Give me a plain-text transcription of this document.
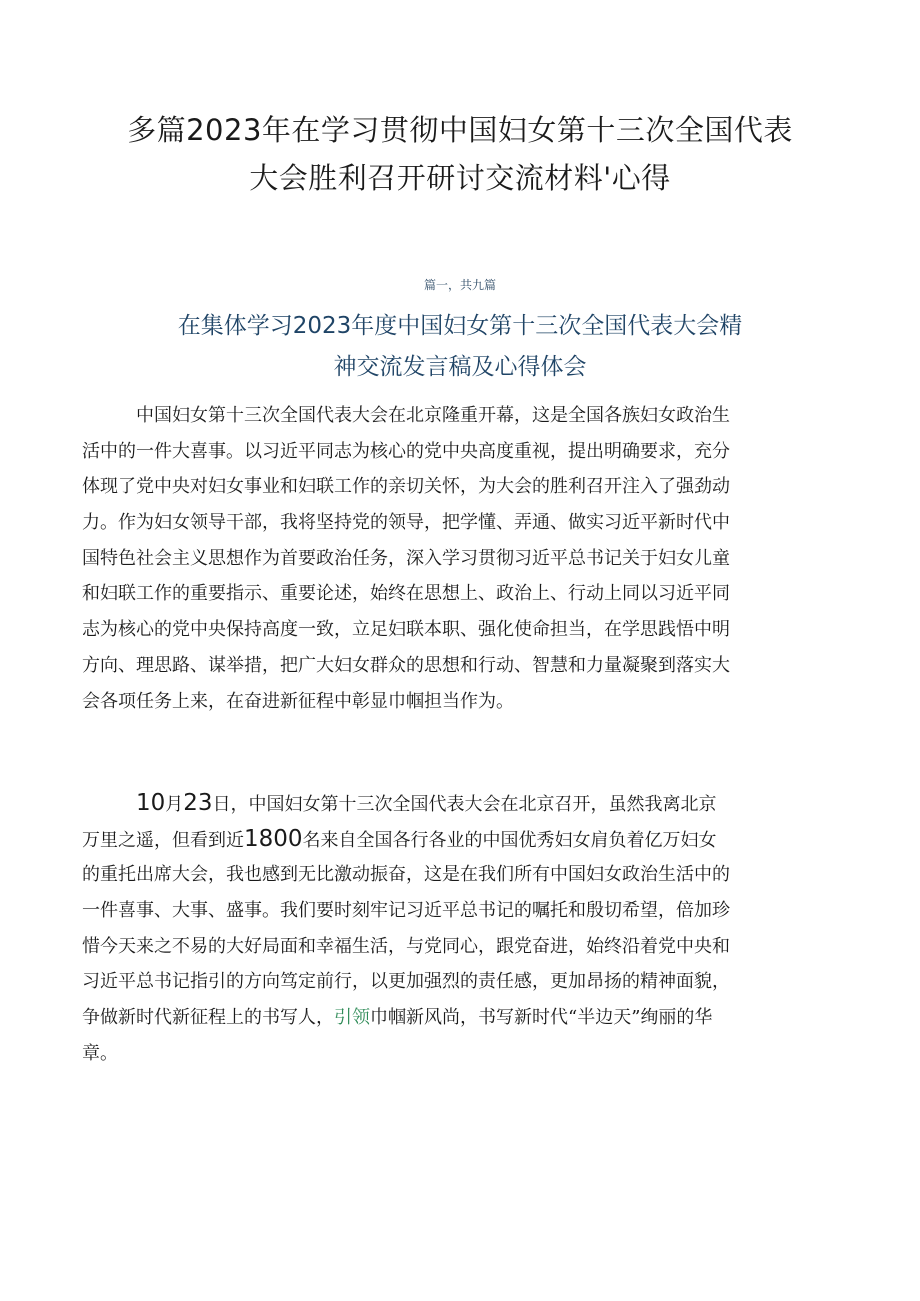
多篇2023年在学习贯彻中国妇女第十三次全国代表
大会胜利召开研讨交流材料'心得
篇一，共九篇
在集体学习2023年度中国妇女第十三次全国代表大会精
神交流发言稿及心得体会
中国妇女第十三次全国代表大会在北京隆重开幕，这是全国各族妇女政治生
活中的一件大喜事。以习近平同志为核心的党中央高度重视，提出明确要求，充分
体现了党中央对妇女事业和妇联工作的亲切关怀，为大会的胜利召开注入了强劲动
力。作为妇女领导干部，我将坚持党的领导，把学懂、弄通、做实习近平新时代中
国特色社会主义思想作为首要政治任务，深入学习贯彻习近平总书记关于妇女儿童
和妇联工作的重要指示、重要论述，始终在思想上、政治上、行动上同以习近平同
志为核心的党中央保持高度一致，立足妇联本职、强化使命担当，在学思践悟中明
方向、理思路、谋举措，把广大妇女群众的思想和行动、智慧和力量凝聚到落实大
会各项任务上来，在奋进新征程中彰显巾帼担当作为。
10月23日，中国妇女第十三次全国代表大会在北京召开，虽然我离北京
万里之遥，但看到近1800名来自全国各行各业的中国优秀妇女肩负着亿万妇女
的重托出席大会，我也感到无比激动振奋，这是在我们所有中国妇女政治生活中的
一件喜事、大事、盛事。我们要时刻牢记习近平总书记的嘱托和殷切希望，倍加珍
惜今天来之不易的大好局面和幸福生活，与党同心，跟党奋进，始终沿着党中央和
习近平总书记指引的方向笃定前行，以更加强烈的责任感，更加昂扬的精神面貌，
争做新时代新征程上的书写人，引领巾帼新风尚，书写新时代“半边天”绚丽的华
章。
